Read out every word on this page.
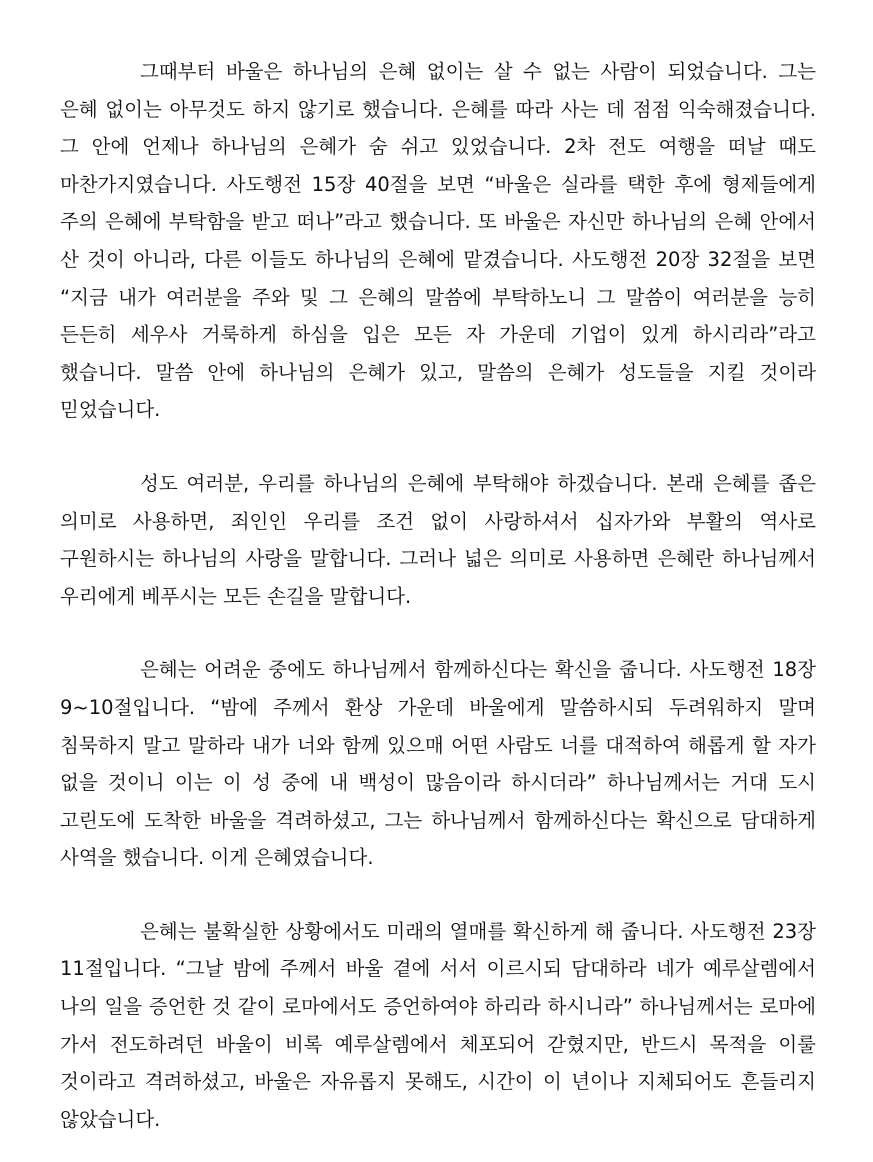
그때부터 바울은 하나님의 은혜 없이는 살 수 없는 사람이 되었습니다. 그는 은혜 없이는 아무것도 하지 않기로 했습니다. 은혜를 따라 사는 데 점점 익숙해졌습니다. 그 안에 언제나 하나님의 은혜가 숨 쉬고 있었습니다. 2차 전도 여행을 떠날 때도 마찬가지였습니다. 사도행전 15장 40절을 보면 “바울은 실라를 택한 후에 형제들에게 주의 은혜에 부탁함을 받고 떠나”라고 했습니다. 또 바울은 자신만 하나님의 은혜 안에서 산 것이 아니라, 다른 이들도 하나님의 은혜에 맡겼습니다. 사도행전 20장 32절을 보면 “지금 내가 여러분을 주와 및 그 은혜의 말씀에 부탁하노니 그 말씀이 여러분을 능히 든든히 세우사 거룩하게 하심을 입은 모든 자 가운데 기업이 있게 하시리라”라고 했습니다. 말씀 안에 하나님의 은혜가 있고, 말씀의 은혜가 성도들을 지킬 것이라 믿었습니다.

성도 여러분, 우리를 하나님의 은혜에 부탁해야 하겠습니다. 본래 은혜를 좁은 의미로 사용하면, 죄인인 우리를 조건 없이 사랑하셔서 십자가와 부활의 역사로 구원하시는 하나님의 사랑을 말합니다. 그러나 넓은 의미로 사용하면 은혜란 하나님께서 우리에게 베푸시는 모든 손길을 말합니다.

은혜는 어려운 중에도 하나님께서 함께하신다는 확신을 줍니다. 사도행전 18장 9~10절입니다. “밤에 주께서 환상 가운데 바울에게 말씀하시되 두려워하지 말며 침묵하지 말고 말하라 내가 너와 함께 있으매 어떤 사람도 너를 대적하여 해롭게 할 자가 없을 것이니 이는 이 성 중에 내 백성이 많음이라 하시더라” 하나님께서는 거대 도시 고린도에 도착한 바울을 격려하셨고, 그는 하나님께서 함께하신다는 확신으로 담대하게 사역을 했습니다. 이게 은혜였습니다.

은혜는 불확실한 상황에서도 미래의 열매를 확신하게 해 줍니다. 사도행전 23장 11절입니다. “그날 밤에 주께서 바울 곁에 서서 이르시되 담대하라 네가 예루살렘에서 나의 일을 증언한 것 같이 로마에서도 증언하여야 하리라 하시니라” 하나님께서는 로마에 가서 전도하려던 바울이 비록 예루살렘에서 체포되어 갇혔지만, 반드시 목적을 이룰 것이라고 격려하셨고, 바울은 자유롭지 못해도, 시간이 이 년이나 지체되어도 흔들리지 않았습니다.
